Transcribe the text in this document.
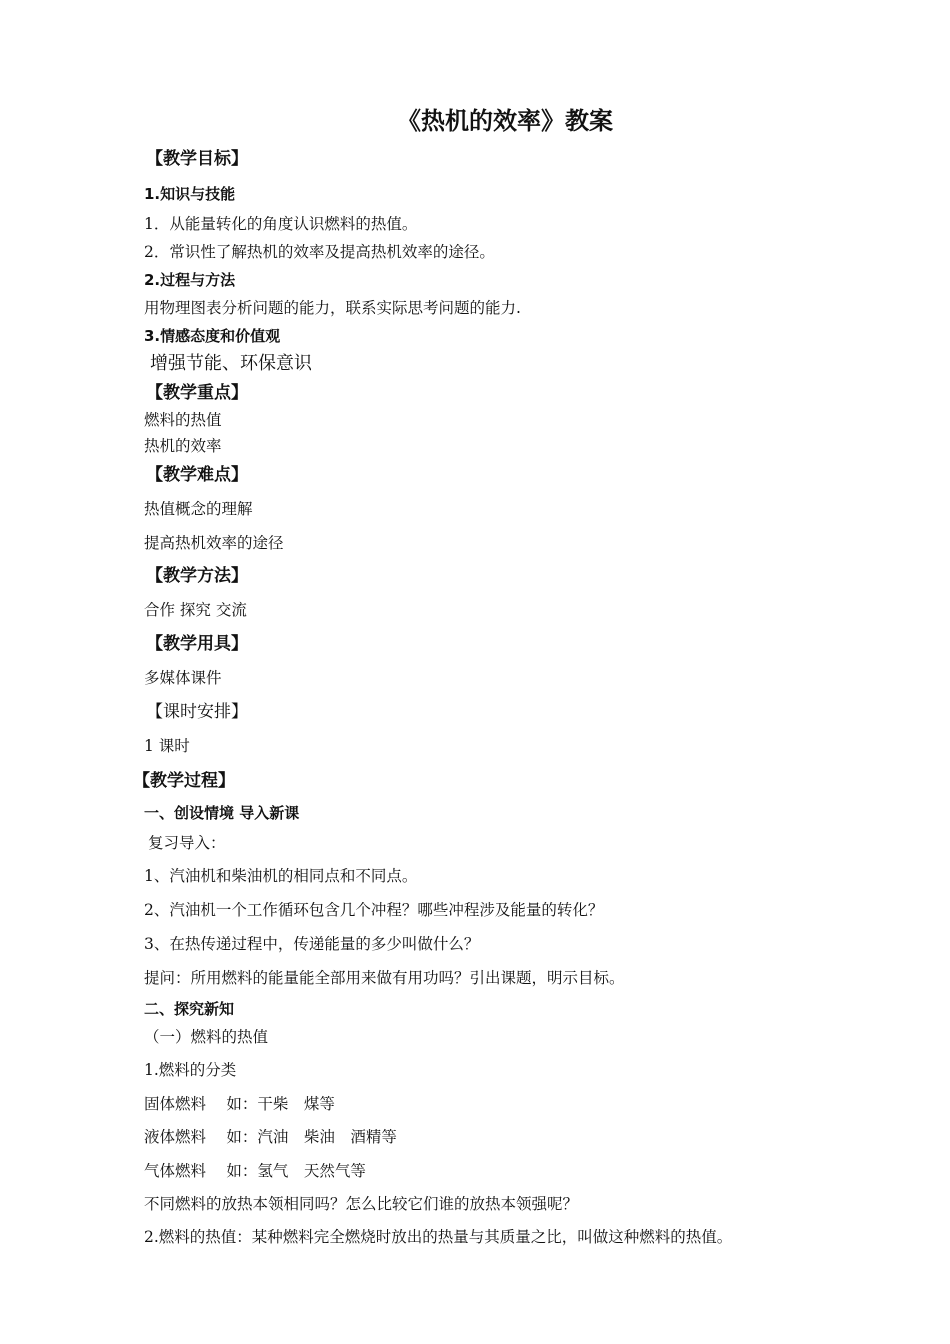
《热机的效率》教案
【教学目标】
1.知识与技能
1．从能量转化的角度认识燃料的热值。
2．常识性了解热机的效率及提高热机效率的途径。
2.过程与方法
用物理图表分析问题的能力，联系实际思考问题的能力.
3.情感态度和价值观
增强节能、环保意识
【教学重点】
燃料的热值
热机的效率
【教学难点】
热值概念的理解
提高热机效率的途径
【教学方法】
合作 探究 交流
【教学用具】
多媒体课件
【课时安排】
1 课时
【教学过程】
一、创设情境 导入新课
复习导入：
1、汽油机和柴油机的相同点和不同点。
2、汽油机一个工作循环包含几个冲程？哪些冲程涉及能量的转化？
3、在热传递过程中，传递能量的多少叫做什么？
提问：所用燃料的能量能全部用来做有用功吗？引出课题，明示目标。
二、探究新知
（一）燃料的热值
1.燃料的分类
固体燃料　 如：干柴　煤等
液体燃料　 如：汽油　柴油　酒精等
气体燃料　 如：氢气　天然气等
不同燃料的放热本领相同吗？怎么比较它们谁的放热本领强呢？
2.燃料的热值：某种燃料完全燃烧时放出的热量与其质量之比，叫做这种燃料的热值。
